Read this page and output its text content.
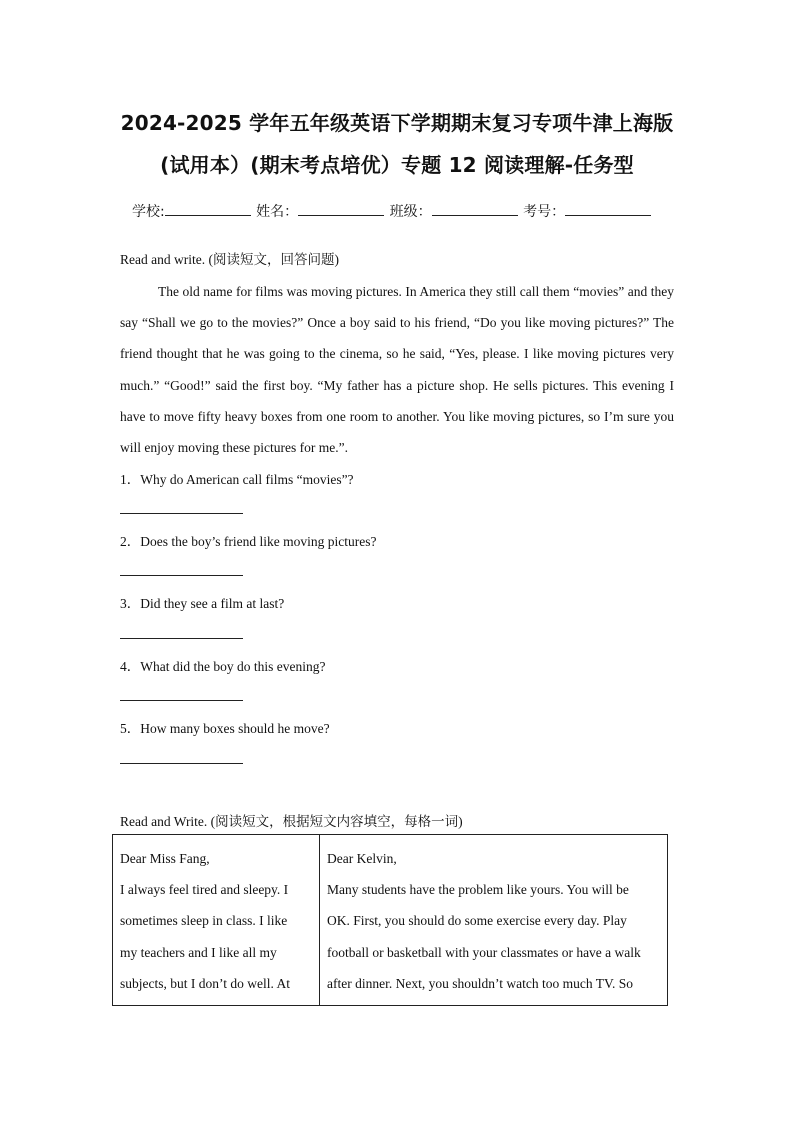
2024-2025 学年五年级英语下学期期末复习专项牛津上海版
(试用本）(期末考点培优）专题 12 阅读理解-任务型
学校:	姓名：	班级：	考号：
Read and write. (阅读短文，回答问题)
The old name for films was moving pictures. In America they still call them “movies” and they say “Shall we go to the movies?” Once a boy said to his friend, “Do you like moving pictures?” The friend thought that he was going to the cinema, so he said, “Yes, please. I like moving pictures very much.” “Good!” said the first boy. “My father has a picture shop. He sells pictures. This evening I have to move fifty heavy boxes from one room to another. You like moving pictures, so I’m sure you will enjoy moving these pictures for me.”.
1．Why do American call films “movies”?
2．Does the boy’s friend like moving pictures?
3．Did they see a film at last?
4．What did the boy do this evening?
5．How many boxes should he move?
Read and Write. (阅读短文，根据短文内容填空，每格一词)
Dear Miss Fang,
I always feel tired and sleepy. I
sometimes sleep in class. I like
my teachers and I like all my
subjects, but I don’t do well. At

Dear Kelvin,
Many students have the problem like yours. You will be
OK. First, you should do some exercise every day. Play
football or basketball with your classmates or have a walk
after dinner. Next, you shouldn’t watch too much TV. So
